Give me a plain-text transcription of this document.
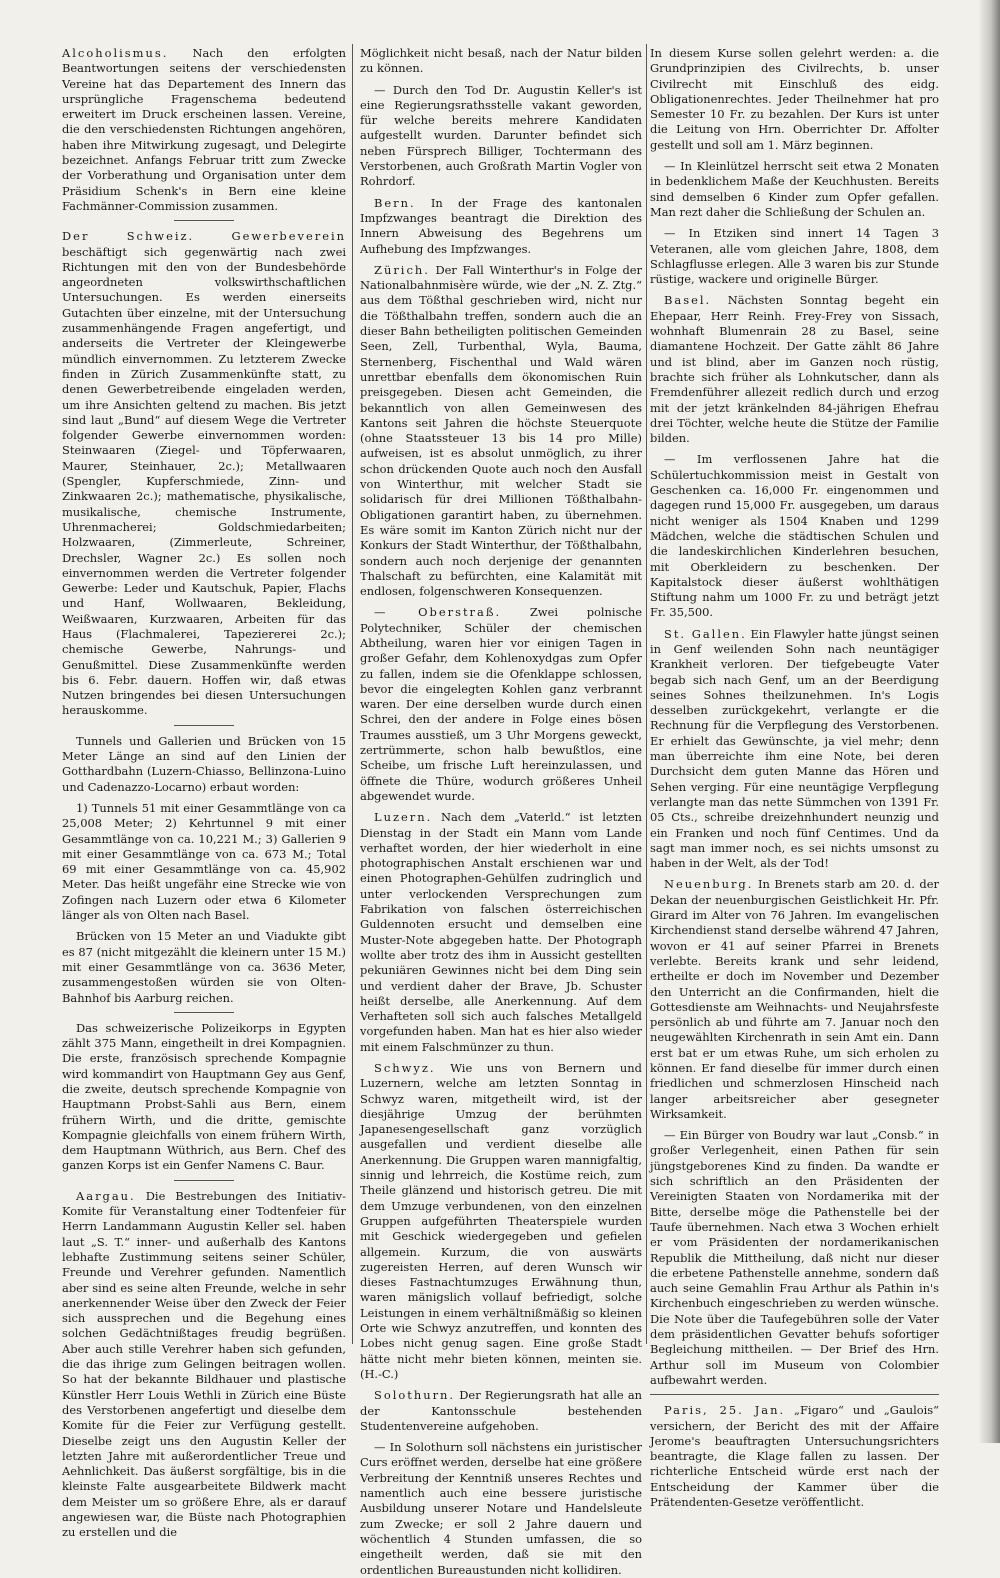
Alcoholismus. Nach den erfolgten Beantwortungen seitens der verschiedensten Vereine hat das Departement des Innern das ursprüngliche Fragenschema bedeutend erweitert im Druck erscheinen lassen. Vereine, die den verschiedensten Richtungen angehören, haben ihre Mitwirkung zugesagt, und Delegirte bezeichnet. Anfangs Februar tritt zum Zwecke der Vorberathung und Organisation unter dem Präsidium Schenk's in Bern eine kleine Fachmänner-Commission zusammen.

Der Schweiz. Gewerbeverein beschäftigt sich gegenwärtig nach zwei Richtungen mit den von der Bundesbehörde angeordneten volkswirthschaftlichen Untersuchungen. Es werden einerseits Gutachten über einzelne, mit der Untersuchung zusammenhängende Fragen angefertigt, und anderseits die Vertreter der Kleingewerbe mündlich einvernommen. Zu letzterem Zwecke finden in Zürich Zusammenkünfte statt, zu denen Gewerbetreibende eingeladen werden, um ihre Ansichten geltend zu machen. Bis jetzt sind laut „Bund“ auf diesem Wege die Vertreter folgender Gewerbe einvernommen worden: Steinwaaren (Ziegel- und Töpferwaaren, Maurer, Steinhauer, 2c.); Metallwaaren (Spengler, Kupferschmiede, Zinn- und Zinkwaaren 2c.); mathematische, physikalische, musikalische, chemische Instrumente, Uhrenmacherei; Goldschmiedarbeiten; Holzwaaren, (Zimmerleute, Schreiner, Drechsler, Wagner 2c.) Es sollen noch einvernommen werden die Vertreter folgender Gewerbe: Leder und Kautschuk, Papier, Flachs und Hanf, Wollwaaren, Bekleidung, Weißwaaren, Kurzwaaren, Arbeiten für das Haus (Flachmalerei, Tapeziererei 2c.); chemische Gewerbe, Nahrungs- und Genußmittel. Diese Zusammenkünfte werden bis 6. Febr. dauern. Hoffen wir, daß etwas Nutzen bringendes bei diesen Untersuchungen herauskomme.

Tunnels und Gallerien und Brücken von 15 Meter Länge an sind auf den Linien der Gotthardbahn (Luzern-Chiasso, Bellinzona-Luino und Cadenazzo-Locarno) erbaut worden:

1) Tunnels 51 mit einer Gesammtlänge von ca 25,008 Meter; 2) Kehrtunnel 9 mit einer Gesammtlänge von ca. 10,221 M.; 3) Gallerien 9 mit einer Gesammtlänge von ca. 673 M.; Total 69 mit einer Gesammtlänge von ca. 45,902 Meter. Das heißt ungefähr eine Strecke wie von Zofingen nach Luzern oder etwa 6 Kilometer länger als von Olten nach Basel.

Brücken von 15 Meter an und Viadukte gibt es 87 (nicht mitgezählt die kleinern unter 15 M.) mit einer Gesammtlänge von ca. 3636 Meter, zusammengestoßen würden sie von Olten-Bahnhof bis Aarburg reichen.

Das schweizerische Polizeikorps in Egypten zählt 375 Mann, eingetheilt in drei Kompagnien. Die erste, französisch sprechende Kompagnie wird kommandirt von Hauptmann Gey aus Genf, die zweite, deutsch sprechende Kompagnie von Hauptmann Probst-Sahli aus Bern, einem frühern Wirth, und die dritte, gemischte Kompagnie gleichfalls von einem frühern Wirth, dem Hauptmann Wüthrich, aus Bern. Chef des ganzen Korps ist ein Genfer Namens C. Baur.

Aargau. Die Bestrebungen des Initiativ-Komite für Veranstaltung einer Todtenfeier für Herrn Landammann Augustin Keller sel. haben laut „S. T.“ inner- und außerhalb des Kantons lebhafte Zustimmung seitens seiner Schüler, Freunde und Verehrer gefunden. Namentlich aber sind es seine alten Freunde, welche in sehr anerkennender Weise über den Zweck der Feier sich aussprechen und die Begehung eines solchen Gedächtnißtages freudig begrüßen. Aber auch stille Verehrer haben sich gefunden, die das ihrige zum Gelingen beitragen wollen. So hat der bekannte Bildhauer und plastische Künstler Herr Louis Wethli in Zürich eine Büste des Verstorbenen angefertigt und dieselbe dem Komite für die Feier zur Verfügung gestellt. Dieselbe zeigt uns den Augustin Keller der letzten Jahre mit außerordentlicher Treue und Aehnlichkeit. Das äußerst sorgfältige, bis in die kleinste Falte ausgearbeitete Bildwerk macht dem Meister um so größere Ehre, als er darauf angewiesen war, die Büste nach Photographien zu erstellen und die

Möglichkeit nicht besaß, nach der Natur bilden zu können.

— Durch den Tod Dr. Augustin Keller's ist eine Regierungsrathsstelle vakant geworden, für welche bereits mehrere Kandidaten aufgestellt wurden. Darunter befindet sich neben Fürsprech Billiger, Tochtermann des Verstorbenen, auch Großrath Martin Vogler von Rohrdorf.

Bern. In der Frage des kantonalen Impfzwanges beantragt die Direktion des Innern Abweisung des Begehrens um Aufhebung des Impfzwanges.

Zürich. Der Fall Winterthur's in Folge der Nationalbahnmisère würde, wie der „N. Z. Ztg.“ aus dem Tößthal geschrieben wird, nicht nur die Tößthalbahn treffen, sondern auch die an dieser Bahn betheiligten politischen Gemeinden Seen, Zell, Turbenthal, Wyla, Bauma, Sternenberg, Fischenthal und Wald wären unrettbar ebenfalls dem ökonomischen Ruin preisgegeben. Diesen acht Gemeinden, die bekanntlich von allen Gemeinwesen des Kantons seit Jahren die höchste Steuerquote (ohne Staatssteuer 13 bis 14 pro Mille) aufweisen, ist es absolut unmöglich, zu ihrer schon drückenden Quote auch noch den Ausfall von Winterthur, mit welcher Stadt sie solidarisch für drei Millionen Tößthalbahn-Obligationen garantirt haben, zu übernehmen. Es wäre somit im Kanton Zürich nicht nur der Konkurs der Stadt Winterthur, der Tößthalbahn, sondern auch noch derjenige der genannten Thalschaft zu befürchten, eine Kalamität mit endlosen, folgenschweren Konsequenzen.

— Oberstraß.	Zwei polnische Polytechniker, Schüler der chemischen Abtheilung, waren hier vor einigen Tagen in großer Gefahr, dem Kohlenoxydgas zum Opfer zu fallen, indem sie die Ofenklappe schlossen, bevor die eingelegten Kohlen ganz verbrannt waren. Der eine derselben wurde durch einen Schrei, den der andere in Folge eines bösen Traumes ausstieß, um 3 Uhr Morgens geweckt, zertrümmerte, schon halb bewußtlos, eine Scheibe, um frische Luft hereinzulassen, und öffnete die Thüre, wodurch größeres Unheil abgewendet wurde.

Luzern. Nach dem „Vaterld.“ ist letzten Dienstag in der Stadt ein Mann vom Lande verhaftet worden, der hier wiederholt in eine photographischen Anstalt erschienen war und einen Photographen-Gehülfen zudringlich und unter verlockenden Versprechungen zum Fabrikation von falschen österreichischen Guldennoten ersucht und demselben eine Muster-Note abgegeben hatte. Der Photograph wollte aber trotz des ihm in Aussicht gestellten pekuniären Gewinnes nicht bei dem Ding sein und verdient daher der Brave, Jb. Schuster heißt derselbe, alle Anerkennung. Auf dem Verhafteten soll sich auch falsches Metallgeld vorgefunden haben. Man hat es hier also wieder mit einem Falschmünzer zu thun.

Schwyz. Wie uns von Bernern und Luzernern, welche am letzten Sonntag in Schwyz waren, mitgetheilt wird, ist der diesjährige Umzug der berühmten Japanesengesellschaft ganz vorzüglich ausgefallen und verdient dieselbe alle Anerkennung. Die Gruppen waren mannigfaltig, sinnig und lehrreich, die Kostüme reich, zum Theile glänzend und historisch getreu. Die mit dem Umzuge verbundenen, von den einzelnen Gruppen aufgeführten Theaterspiele wurden mit Geschick wiedergegeben und gefielen allgemein. Kurzum, die von auswärts zugereisten Herren, auf deren Wunsch wir dieses Fastnachtumzuges Erwähnung thun, waren mänigslich vollauf befriedigt, solche Leistungen in einem verhältnißmäßig so kleinen Orte wie Schwyz anzutreffen, und konnten des Lobes nicht genug sagen. Eine große Stadt hätte nicht mehr bieten können, meinten sie. (H.-C.)

Solothurn. Der Regierungsrath hat alle an der Kantonsschule bestehenden Studentenvereine aufgehoben.

— In Solothurn soll nächstens ein juristischer Curs eröffnet werden, derselbe hat eine größere Verbreitung der Kenntniß unseres Rechtes und namentlich auch eine bessere juristische Ausbildung unserer Notare und Handelsleute zum Zwecke; er soll 2 Jahre dauern und wöchentlich 4 Stunden umfassen, die so eingetheilt werden, daß sie mit den ordentlichen Bureaustunden nicht kollidiren.

In diesem Kurse sollen gelehrt werden: a. die Grundprinzipien des Civilrechts, b. unser Civilrecht mit Einschluß des eidg. Obligationenrechtes. Jeder Theilnehmer hat pro Semester 10 Fr. zu bezahlen. Der Kurs ist unter die Leitung von Hrn. Oberrichter Dr. Affolter gestellt und soll am 1. März beginnen.

— In Kleinlützel herrscht seit etwa 2 Monaten in bedenklichem Maße der Keuchhusten. Bereits sind demselben 6 Kinder zum Opfer gefallen. Man rezt daher die Schließung der Schulen an.

— In Etziken sind innert 14 Tagen 3 Veteranen, alle vom gleichen Jahre, 1808, dem Schlagflusse erlegen. Alle 3 waren bis zur Stunde rüstige, wackere und originelle Bürger.

Basel. Nächsten Sonntag begeht ein Ehepaar, Herr Reinh. Frey-Frey von Sissach, wohnhaft Blumenrain 28 zu Basel, seine diamantene Hochzeit. Der Gatte zählt 86 Jahre und ist blind, aber im Ganzen noch rüstig, brachte sich früher als Lohnkutscher, dann als Fremdenführer allezeit redlich durch und erzog mit der jetzt kränkelnden 84-jährigen Ehefrau drei Töchter, welche heute die Stütze der Familie bilden.

— Im verflossenen Jahre hat die Schülertuchkommission meist in Gestalt von Geschenken ca. 16,000 Fr. eingenommen und dagegen rund 15,000 Fr. ausgegeben, um daraus nicht weniger als 1504 Knaben und 1299 Mädchen, welche die städtischen Schulen und die landeskirchlichen Kinderlehren besuchen, mit Oberkleidern zu beschenken. Der Kapitalstock dieser äußerst wohlthätigen Stiftung nahm um 1000 Fr. zu und beträgt jetzt Fr. 35,500.

St. Gallen. Ein Flawyler hatte jüngst seinen in Genf weilenden Sohn nach neuntägiger Krankheit verloren. Der tiefgebeugte Vater begab sich nach Genf, um an der Beerdigung seines Sohnes theilzunehmen. In's Logis desselben zurückgekehrt, verlangte er die Rechnung für die Verpflegung des Verstorbenen. Er erhielt das Gewünschte, ja viel mehr; denn man überreichte ihm eine Note, bei deren Durchsicht dem guten Manne das Hören und Sehen verging. Für eine neuntägige Verpflegung verlangte man das nette Sümmchen von 1391 Fr. 05 Cts., schreibe dreizehnhundert neunzig und ein Franken und noch fünf Centimes. Und da sagt man immer noch, es sei nichts umsonst zu haben in der Welt, als der Tod!

Neuenburg. In Brenets starb am 20. d. der Dekan der neuenburgischen Geistlichkeit Hr. Pfr. Girard im Alter von 76 Jahren. Im evangelischen Kirchendienst stand derselbe während 47 Jahren, wovon er 41 auf seiner Pfarrei in Brenets verlebte. Bereits krank und sehr leidend, ertheilte er doch im November und Dezember den Unterricht an die Confirmanden, hielt die Gottesdienste am Weihnachts- und Neujahrsfeste persönlich ab und führte am 7. Januar noch den neugewählten Kirchenrath in sein Amt ein. Dann erst bat er um etwas Ruhe, um sich erholen zu können. Er fand dieselbe für immer durch einen friedlichen und schmerzlosen Hinscheid nach langer arbeitsreicher aber gesegneter Wirksamkeit.

— Ein Bürger von Boudry war laut „Consb.“ in großer Verlegenheit, einen Pathen für sein jüngstgeborenes Kind zu finden. Da wandte er sich schriftlich an den Präsidenten der Vereinigten Staaten von Nordamerika mit der Bitte, derselbe möge die Pathenstelle bei der Taufe übernehmen. Nach etwa 3 Wochen erhielt er vom Präsidenten der nordamerikanischen Republik die Mittheilung, daß nicht nur dieser die erbetene Pathenstelle annehme, sondern daß auch seine Gemahlin Frau Arthur als Pathin in's Kirchenbuch eingeschrieben zu werden wünsche. Die Note über die Taufegebühren solle der Vater dem präsidentlichen Gevatter behufs sofortiger Begleichung mittheilen. — Der Brief des Hrn. Arthur soll im Museum von Colombier aufbewahrt werden.

Paris, 25. Jan. „Figaro“ und „Gaulois“ versichern, der Bericht des mit der Affaire Jerome's beauftragten Untersuchungsrichters beantragte, die Klage fallen zu lassen. Der richterliche Entscheid würde erst nach der Entscheidung der Kammer über die Prätendenten-Gesetze veröffentlicht.
